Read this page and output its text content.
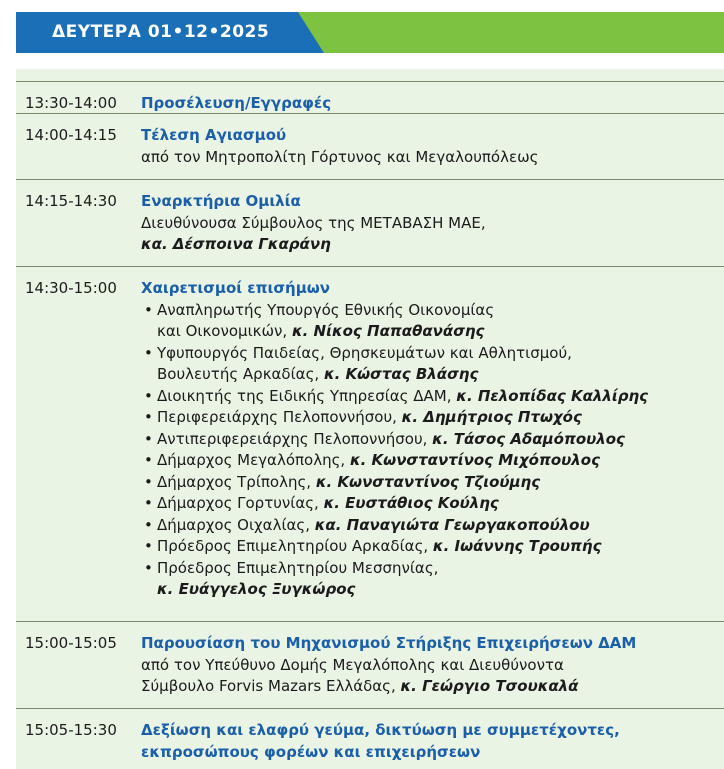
ΔΕΥΤΕΡΑ 01•12•2025
13:30-14:00 Προσέλευση/Εγγραφές
14:00-14:15 Τέλεση Αγιασμού
από τον Μητροπολίτη Γόρτυνος και Μεγαλουπόλεως
14:15-14:30 Εναρκτήρια Ομιλία
Διευθύνουσα Σύμβουλος της ΜΕΤΑΒΑΣΗ ΜΑΕ,
κα. Δέσποινα Γκαράνη
14:30-15:00 Χαιρετισμοί επισήμων
• Αναπληρωτής Υπουργός Εθνικής Οικονομίας
και Οικονομικών, κ. Νίκος Παπαθανάσης
• Υφυπουργός Παιδείας, Θρησκευμάτων και Αθλητισμού,
Βουλευτής Αρκαδίας, κ. Κώστας Βλάσης
• Διοικητής της Ειδικής Υπηρεσίας ΔΑΜ, κ. Πελοπίδας Καλλίρης
• Περιφερειάρχης Πελοποννήσου, κ. Δημήτριος Πτωχός
• Αντιπεριφερειάρχης Πελοποννήσου, κ. Τάσος Αδαμόπουλος
• Δήμαρχος Μεγαλόπολης, κ. Κωνσταντίνος Μιχόπουλος
• Δήμαρχος Τρίπολης, κ. Κωνσταντίνος Τζιούμης
• Δήμαρχος Γορτυνίας, κ. Ευστάθιος Κούλης
• Δήμαρχος Οιχαλίας, κα. Παναγιώτα Γεωργακοπούλου
• Πρόεδρος Επιμελητηρίου Αρκαδίας, κ. Ιωάννης Τρουπής
• Πρόεδρος Επιμελητηρίου Μεσσηνίας,
κ. Ευάγγελος Ξυγκώρος
15:00-15:05 Παρουσίαση του Μηχανισμού Στήριξης Επιχειρήσεων ΔΑΜ
από τον Υπεύθυνο Δομής Μεγαλόπολης και Διευθύνοντα
Σύμβουλο Forvis Mazars Ελλάδας, κ. Γεώργιο Τσουκαλά
15:05-15:30 Δεξίωση και ελαφρύ γεύμα, δικτύωση με συμμετέχοντες,
εκπροσώπους φορέων και επιχειρήσεων
